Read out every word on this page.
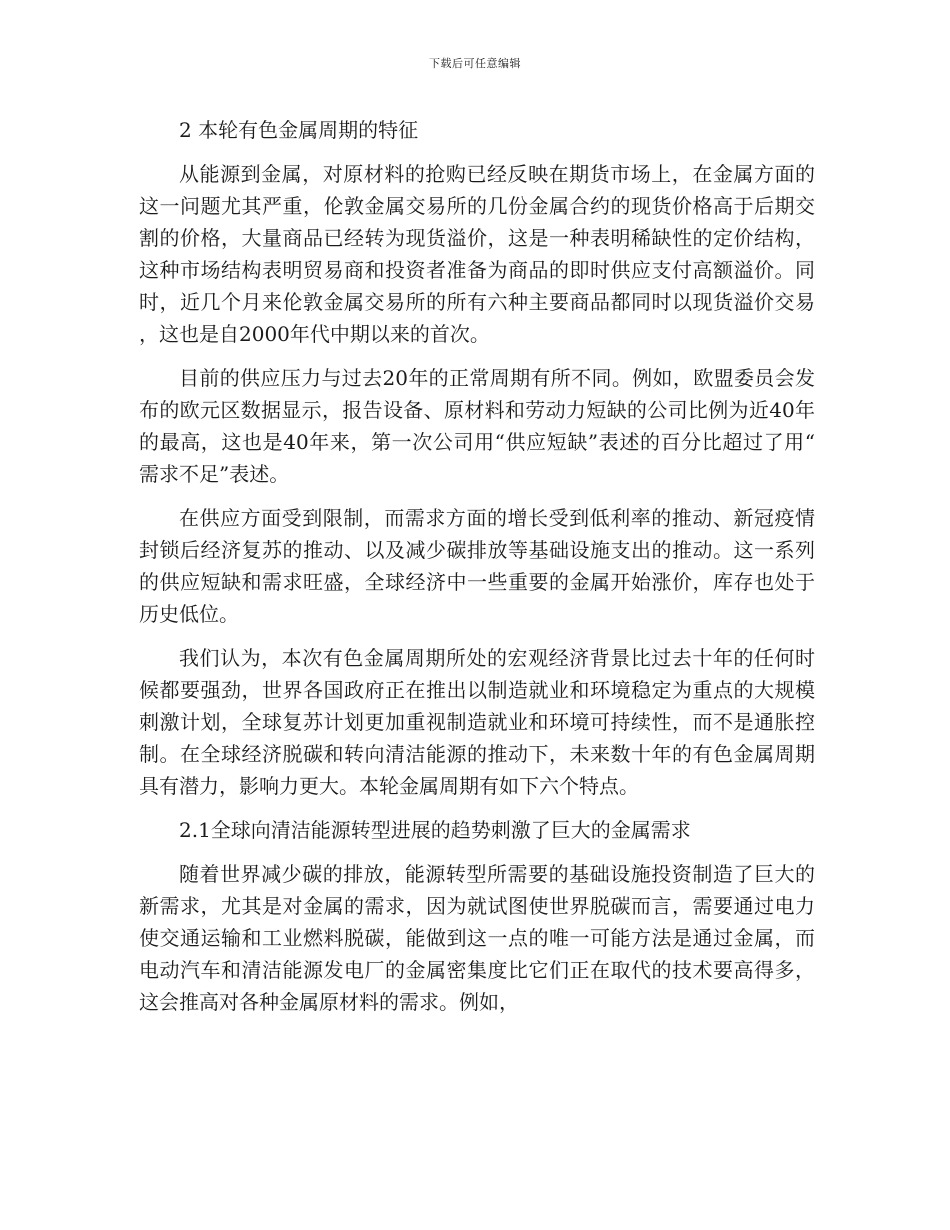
下载后可任意编辑

2 本轮有色金属周期的特征

从能源到金属，对原材料的抢购已经反映在期货市场上，在金属方面的这一问题尤其严重，伦敦金属交易所的几份金属合约的现货价格高于后期交割的价格，大量商品已经转为现货溢价，这是一种表明稀缺性的定价结构，这种市场结构表明贸易商和投资者准备为商品的即时供应支付高额溢价。同时，近几个月来伦敦金属交易所的所有六种主要商品都同时以现货溢价交易，这也是自2000年代中期以来的首次。

目前的供应压力与过去20年的正常周期有所不同。例如，欧盟委员会发布的欧元区数据显示，报告设备、原材料和劳动力短缺的公司比例为近40年的最高，这也是40年来，第一次公司用“供应短缺”表述的百分比超过了用“需求不足”表述。

在供应方面受到限制，而需求方面的增长受到低利率的推动、新冠疫情封锁后经济复苏的推动、以及减少碳排放等基础设施支出的推动。这一系列的供应短缺和需求旺盛，全球经济中一些重要的金属开始涨价，库存也处于历史低位。

我们认为，本次有色金属周期所处的宏观经济背景比过去十年的任何时候都要强劲，世界各国政府正在推出以制造就业和环境稳定为重点的大规模刺激计划，全球复苏计划更加重视制造就业和环境可持续性，而不是通胀控制。在全球经济脱碳和转向清洁能源的推动下，未来数十年的有色金属周期具有潜力，影响力更大。本轮金属周期有如下六个特点。

2.1全球向清洁能源转型进展的趋势刺激了巨大的金属需求

随着世界减少碳的排放，能源转型所需要的基础设施投资制造了巨大的新需求，尤其是对金属的需求，因为就试图使世界脱碳而言，需要通过电力使交通运输和工业燃料脱碳，能做到这一点的唯一可能方法是通过金属，而电动汽车和清洁能源发电厂的金属密集度比它们正在取代的技术要高得多，这会推高对各种金属原材料的需求。例如，
